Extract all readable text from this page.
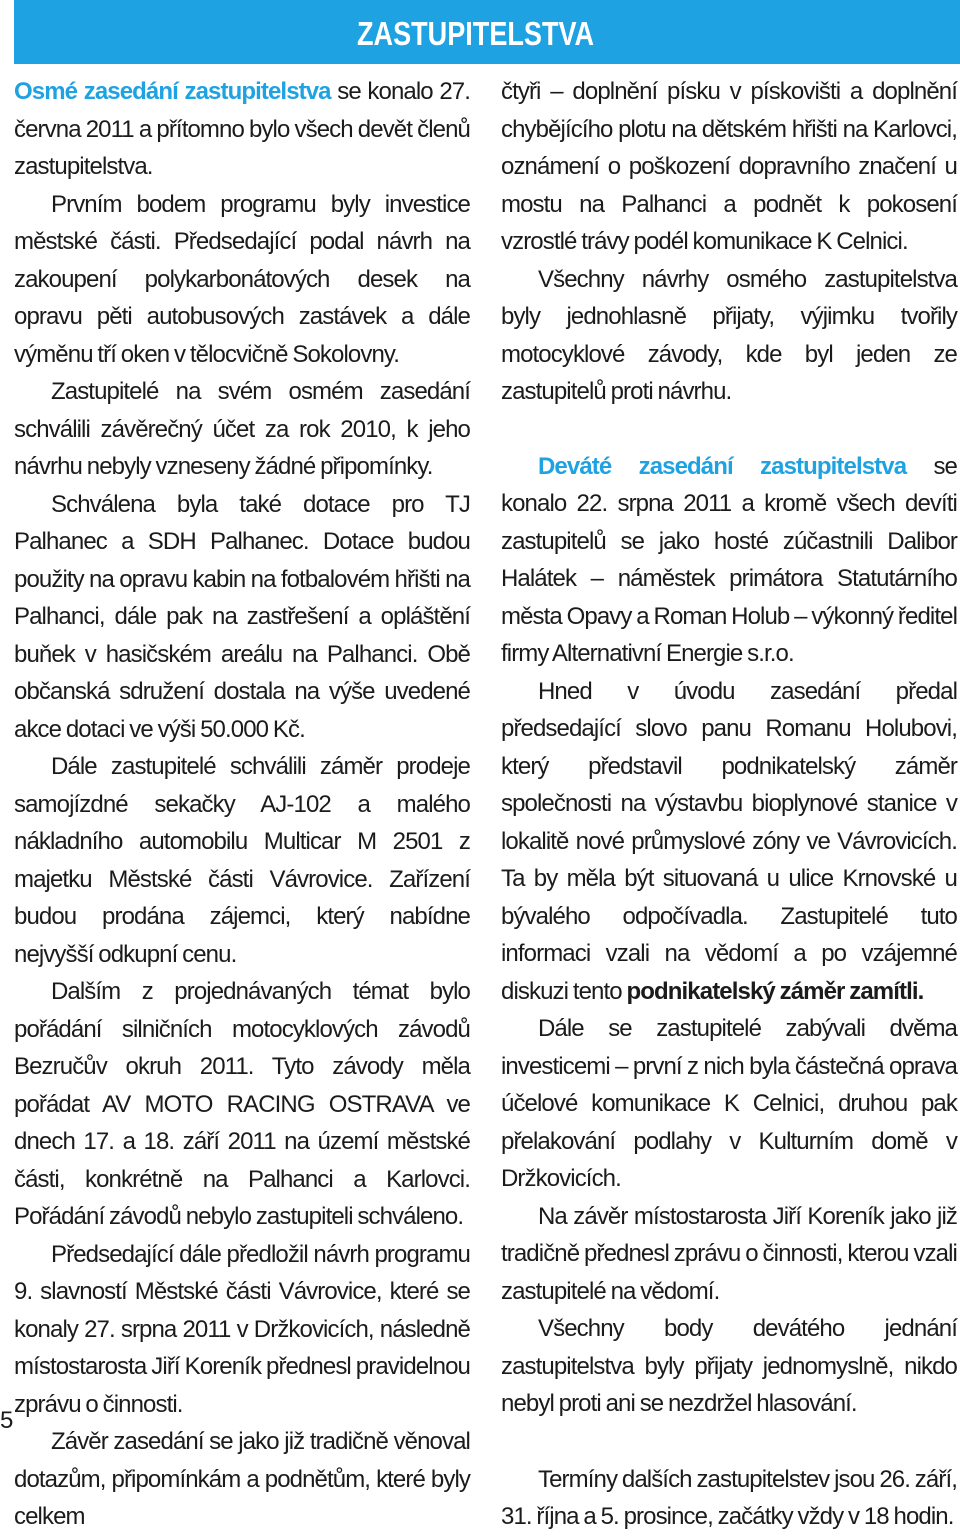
ZASTUPITELSTVA

Osmé zasedání zastupitelstva se konalo 27. června 2011 a přítomno bylo všech devět členů zastupitelstva.

Prvním bodem programu byly investice městské části. Předsedající podal návrh na zakoupení polykarbonátových desek na opravu pěti autobusových zastávek a dále výměnu tří oken v tělocvičně Sokolovny.

Zastupitelé na svém osmém zasedání schválili závěrečný účet za rok 2010, k jeho návrhu nebyly vzneseny žádné připomínky.

Schválena byla také dotace pro TJ Palhanec a SDH Palhanec. Dotace budou použity na opravu kabin na fotbalovém hřišti na Palhanci, dále pak na zastřešení a opláštění buňek v hasičském areálu na Palhanci. Obě občanská sdružení dostala na výše uvedené akce dotaci ve výši 50.000 Kč.

Dále zastupitelé schválili záměr prodeje samojízdné sekačky AJ-102 a malého nákladního automobilu Multicar M 2501 z majetku Městské části Vávrovice. Zařízení budou prodána zájemci, který nabídne nejvyšší odkupní cenu.

Dalším z projednávaných témat bylo pořádání silničních motocyklových závodů Bezručův okruh 2011. Tyto závody měla pořádat AV MOTO RACING OSTRAVA ve dnech 17. a 18. září 2011 na území městské části, konkrétně na Palhanci a Karlovci. Pořádání závodů nebylo zastupiteli schváleno.

Předsedající dále předložil návrh programu 9. slavností Městské části Vávrovice, které se konaly 27. srpna 2011 v Držkovicích, následně místostarosta Jiří Koreník přednesl pravidelnou zprávu o činnosti.

Závěr zasedání se jako již tradičně věnoval dotazům, připomínkám a podnětům, které byly celkem

čtyři – doplnění písku v pískovišti a doplnění chybějícího plotu na dětském hřišti na Karlovci, oznámení o poškození dopravního značení u mostu na Palhanci a podnět k pokosení vzrostlé trávy podél komunikace K Celnici.

Všechny návrhy osmého zastupitelstva byly jednohlasně přijaty, výjimku tvořily motocyklové závody, kde byl jeden ze zastupitelů proti návrhu.

Deváté zasedání zastupitelstva se konalo 22. srpna 2011 a kromě všech devíti zastupitelů se jako hosté zúčastnili Dalibor Halátek – náměstek primátora Statutárního města Opavy a Roman Holub – výkonný ředitel firmy Alternativní Energie s.r.o.

Hned v úvodu zasedání předal předsedající slovo panu Romanu Holubovi, který představil podnikatelský záměr společnosti na výstavbu bioplynové stanice v lokalitě nové průmyslové zóny ve Vávrovicích. Ta by měla být situovaná u ulice Krnovské u bývalého odpočívadla. Zastupitelé tuto informaci vzali na vědomí a po vzájemné diskuzi tento podnikatelský záměr zamítli.

Dále se zastupitelé zabývali dvěma investicemi – první z nich byla částečná oprava účelové komunikace K Celnici, druhou pak přelakování podlahy v Kulturním domě v Držkovicích.

Na závěr místostarosta Jiří Koreník jako již tradičně přednesl zprávu o činnosti, kterou vzali zastupitelé na vědomí.

Všechny body devátého jednání zastupitelstva byly přijaty jednomyslně, nikdo nebyl proti ani se nezdržel hlasování.

Termíny dalších zastupitelstev jsou 26. září, 31. října a 5. prosince, začátky vždy v 18 hodin.

5
